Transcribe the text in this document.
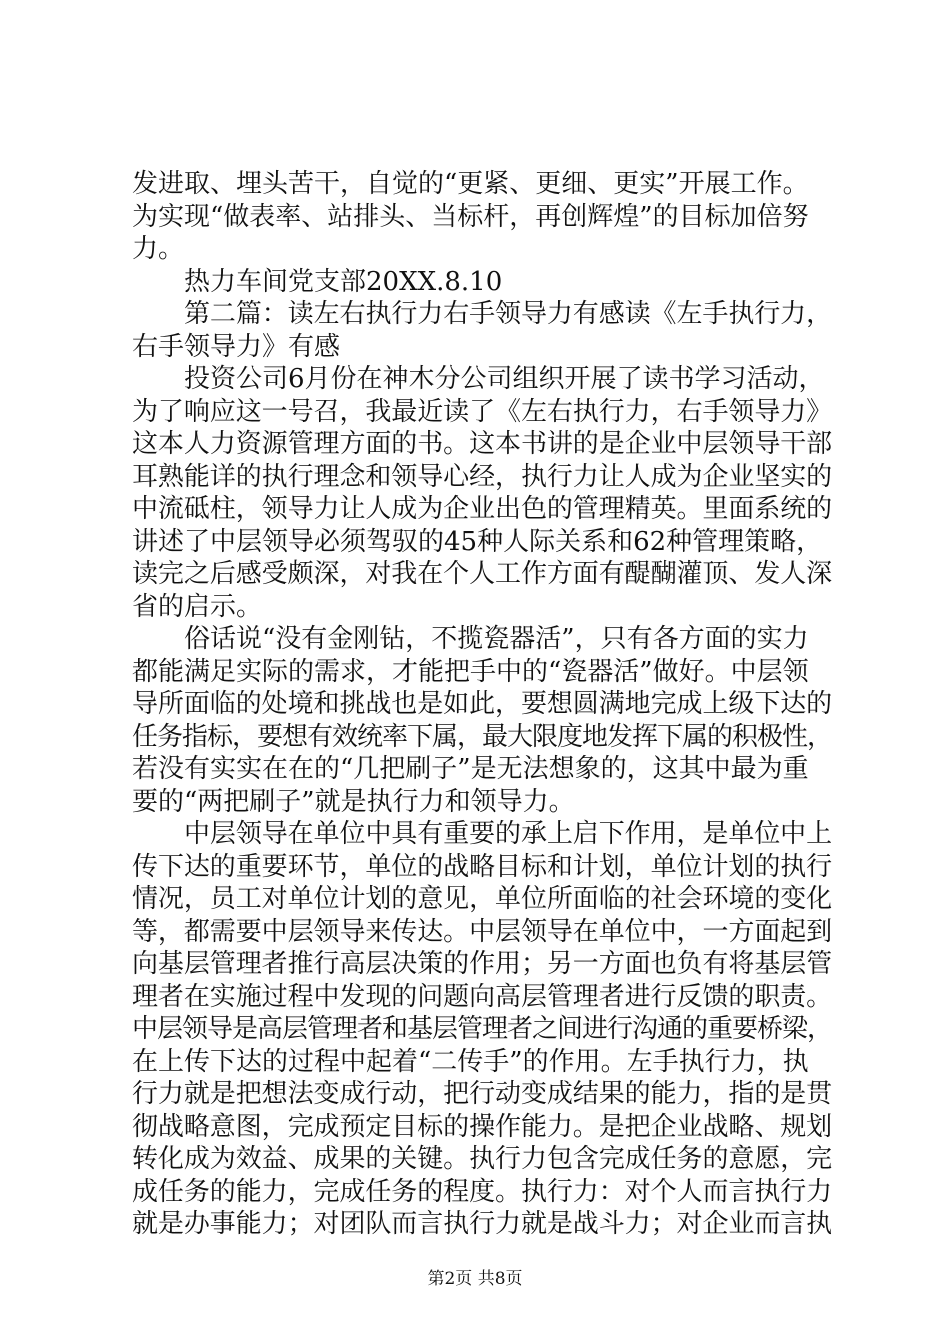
发进取、埋头苦干，自觉的“更紧、更细、更实”开展工作。
为实现“做表率、站排头、当标杆，再创辉煌”的目标加倍努
力。
热力车间党支部20XX.8.10
第二篇：读左右执行力右手领导力有感读《左手执行力，
右手领导力》有感
投资公司6月份在神木分公司组织开展了读书学习活动，
为了响应这一号召，我最近读了《左右执行力，右手领导力》
这本人力资源管理方面的书。这本书讲的是企业中层领导干部
耳熟能详的执行理念和领导心经，执行力让人成为企业坚实的
中流砥柱，领导力让人成为企业出色的管理精英。里面系统的
讲述了中层领导必须驾驭的45种人际关系和62种管理策略，
读完之后感受颇深，对我在个人工作方面有醍醐灌顶、发人深
省的启示。
俗话说“没有金刚钻，不揽瓷器活”，只有各方面的实力
都能满足实际的需求，才能把手中的“瓷器活”做好。中层领
导所面临的处境和挑战也是如此，要想圆满地完成上级下达的
任务指标，要想有效统率下属，最大限度地发挥下属的积极性，
若没有实实在在的“几把刷子”是无法想象的，这其中最为重
要的“两把刷子”就是执行力和领导力。
中层领导在单位中具有重要的承上启下作用，是单位中上
传下达的重要环节，单位的战略目标和计划，单位计划的执行
情况，员工对单位计划的意见，单位所面临的社会环境的变化
等，都需要中层领导来传达。中层领导在单位中，一方面起到
向基层管理者推行高层决策的作用；另一方面也负有将基层管
理者在实施过程中发现的问题向高层管理者进行反馈的职责。
中层领导是高层管理者和基层管理者之间进行沟通的重要桥梁，
在上传下达的过程中起着“二传手”的作用。左手执行力，执
行力就是把想法变成行动，把行动变成结果的能力，指的是贯
彻战略意图，完成预定目标的操作能力。是把企业战略、规划
转化成为效益、成果的关键。执行力包含完成任务的意愿，完
成任务的能力，完成任务的程度。执行力：对个人而言执行力
就是办事能力；对团队而言执行力就是战斗力；对企业而言执
第2页 共8页
